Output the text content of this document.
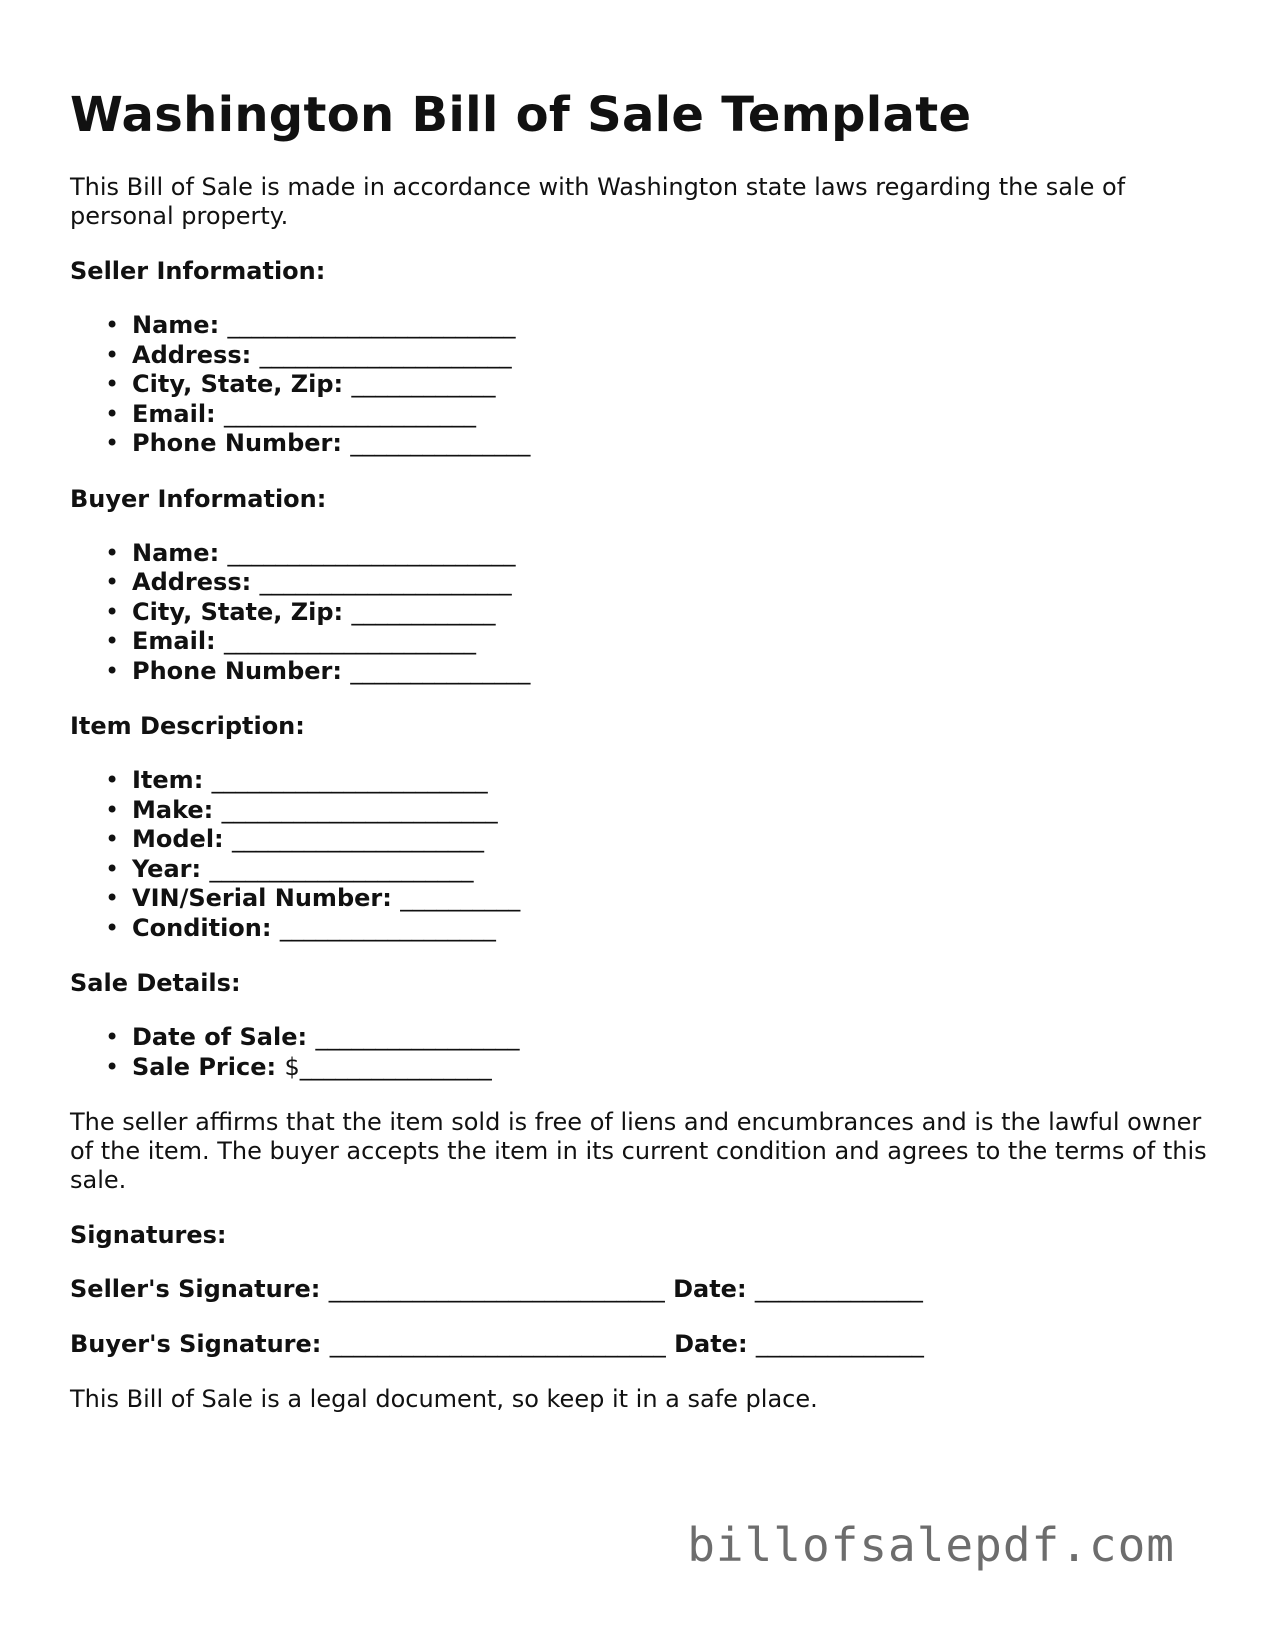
Washington Bill of Sale Template

This Bill of Sale is made in accordance with Washington state laws regarding the sale of personal property.

Seller Information:
• Name: ________________________
• Address: _____________________
• City, State, Zip: ____________
• Email: _____________________
• Phone Number: _______________
Buyer Information:
• Name: ________________________
• Address: _____________________
• City, State, Zip: ____________
• Email: _____________________
• Phone Number: _______________
Item Description:
• Item: _______________________
• Make: _______________________
• Model: _____________________
• Year: ______________________
• VIN/Serial Number: __________
• Condition: __________________
Sale Details:
• Date of Sale: _________________
• Sale Price: $________________

The seller affirms that the item sold is free of liens and encumbrances and is the lawful owner of the item. The buyer accepts the item in its current condition and agrees to the terms of this sale.

Signatures:
Seller's Signature: ____________________________ Date: ______________
Buyer's Signature: ____________________________ Date: ______________

This Bill of Sale is a legal document, so keep it in a safe place.

billofsalepdf.com
